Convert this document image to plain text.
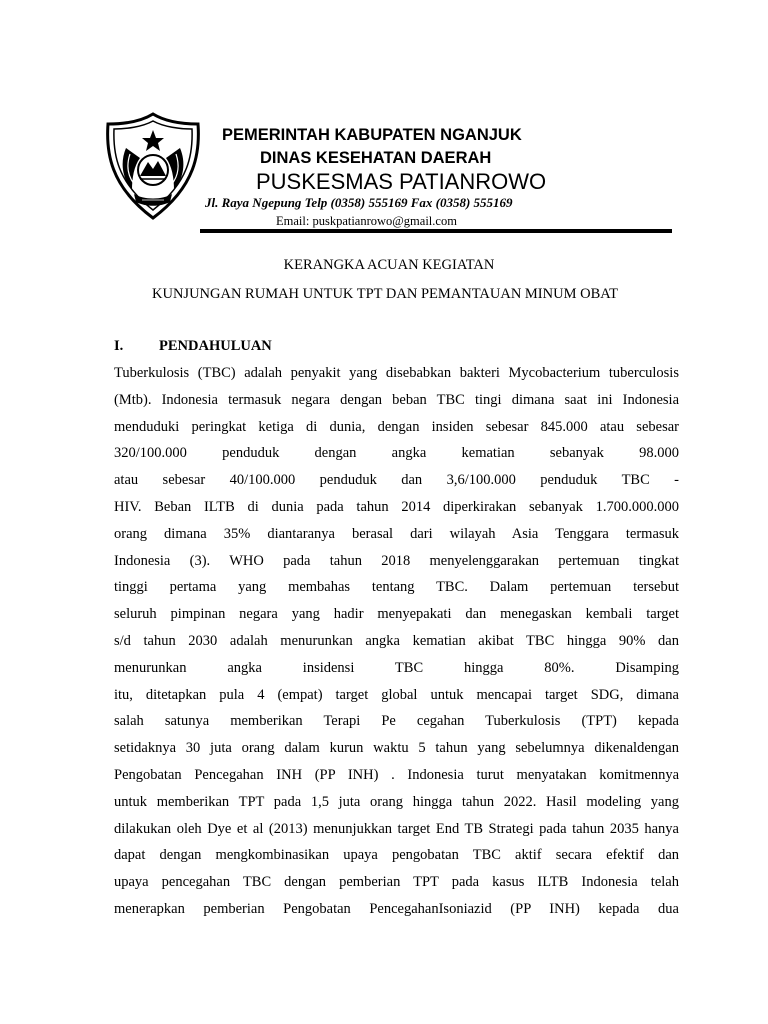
PEMERINTAH KABUPATEN NGANJUK
DINAS KESEHATAN DAERAH
PUSKESMAS PATIANROWO
Jl. Raya Ngepung Telp (0358) 555169 Fax (0358) 555169
Email: puskpatianrowo@gmail.com
KERANGKA ACUAN KEGIATAN
KUNJUNGAN RUMAH UNTUK TPT DAN PEMANTAUAN MINUM OBAT
I. PENDAHULUAN
Tuberkulosis (TBC) adalah penyakit yang disebabkan bakteri Mycobacterium tuberculosis
(Mtb). Indonesia termasuk negara dengan beban TBC tingi dimana saat ini Indonesia
menduduki peringkat ketiga di dunia, dengan insiden sebesar 845.000 atau sebesar
320/100.000 penduduk dengan angka kematian sebanyak 98.000
atau sebesar 40/100.000 penduduk dan 3,6/100.000 penduduk TBC -
HIV. Beban ILTB di dunia pada tahun 2014 diperkirakan sebanyak 1.700.000.000
orang dimana 35% diantaranya berasal dari wilayah Asia Tenggara termasuk
Indonesia (3). WHO pada tahun 2018 menyelenggarakan pertemuan tingkat
tinggi pertama yang membahas tentang TBC. Dalam pertemuan tersebut
seluruh pimpinan negara yang hadir menyepakati dan menegaskan kembali target
s/d tahun 2030 adalah menurunkan angka kematian akibat TBC hingga 90% dan
menurunkan angka insidensi TBC hingga 80%. Disamping
itu, ditetapkan pula 4 (empat) target global untuk mencapai target SDG, dimana
salah satunya memberikan Terapi Pe cegahan Tuberkulosis (TPT) kepada
setidaknya 30 juta orang dalam kurun waktu 5 tahun yang sebelumnya dikenaldengan
Pengobatan Pencegahan INH (PP INH) . Indonesia turut menyatakan komitmennya
untuk memberikan TPT pada 1,5 juta orang hingga tahun 2022. Hasil modeling yang
dilakukan oleh Dye et al (2013) menunjukkan target End TB Strategi pada tahun 2035 hanya
dapat dengan mengkombinasikan upaya pengobatan TBC aktif secara efektif dan
upaya pencegahan TBC dengan pemberian TPT pada kasus ILTB Indonesia telah
menerapkan pemberian Pengobatan PencegahanIsoniazid (PP INH) kepada dua
